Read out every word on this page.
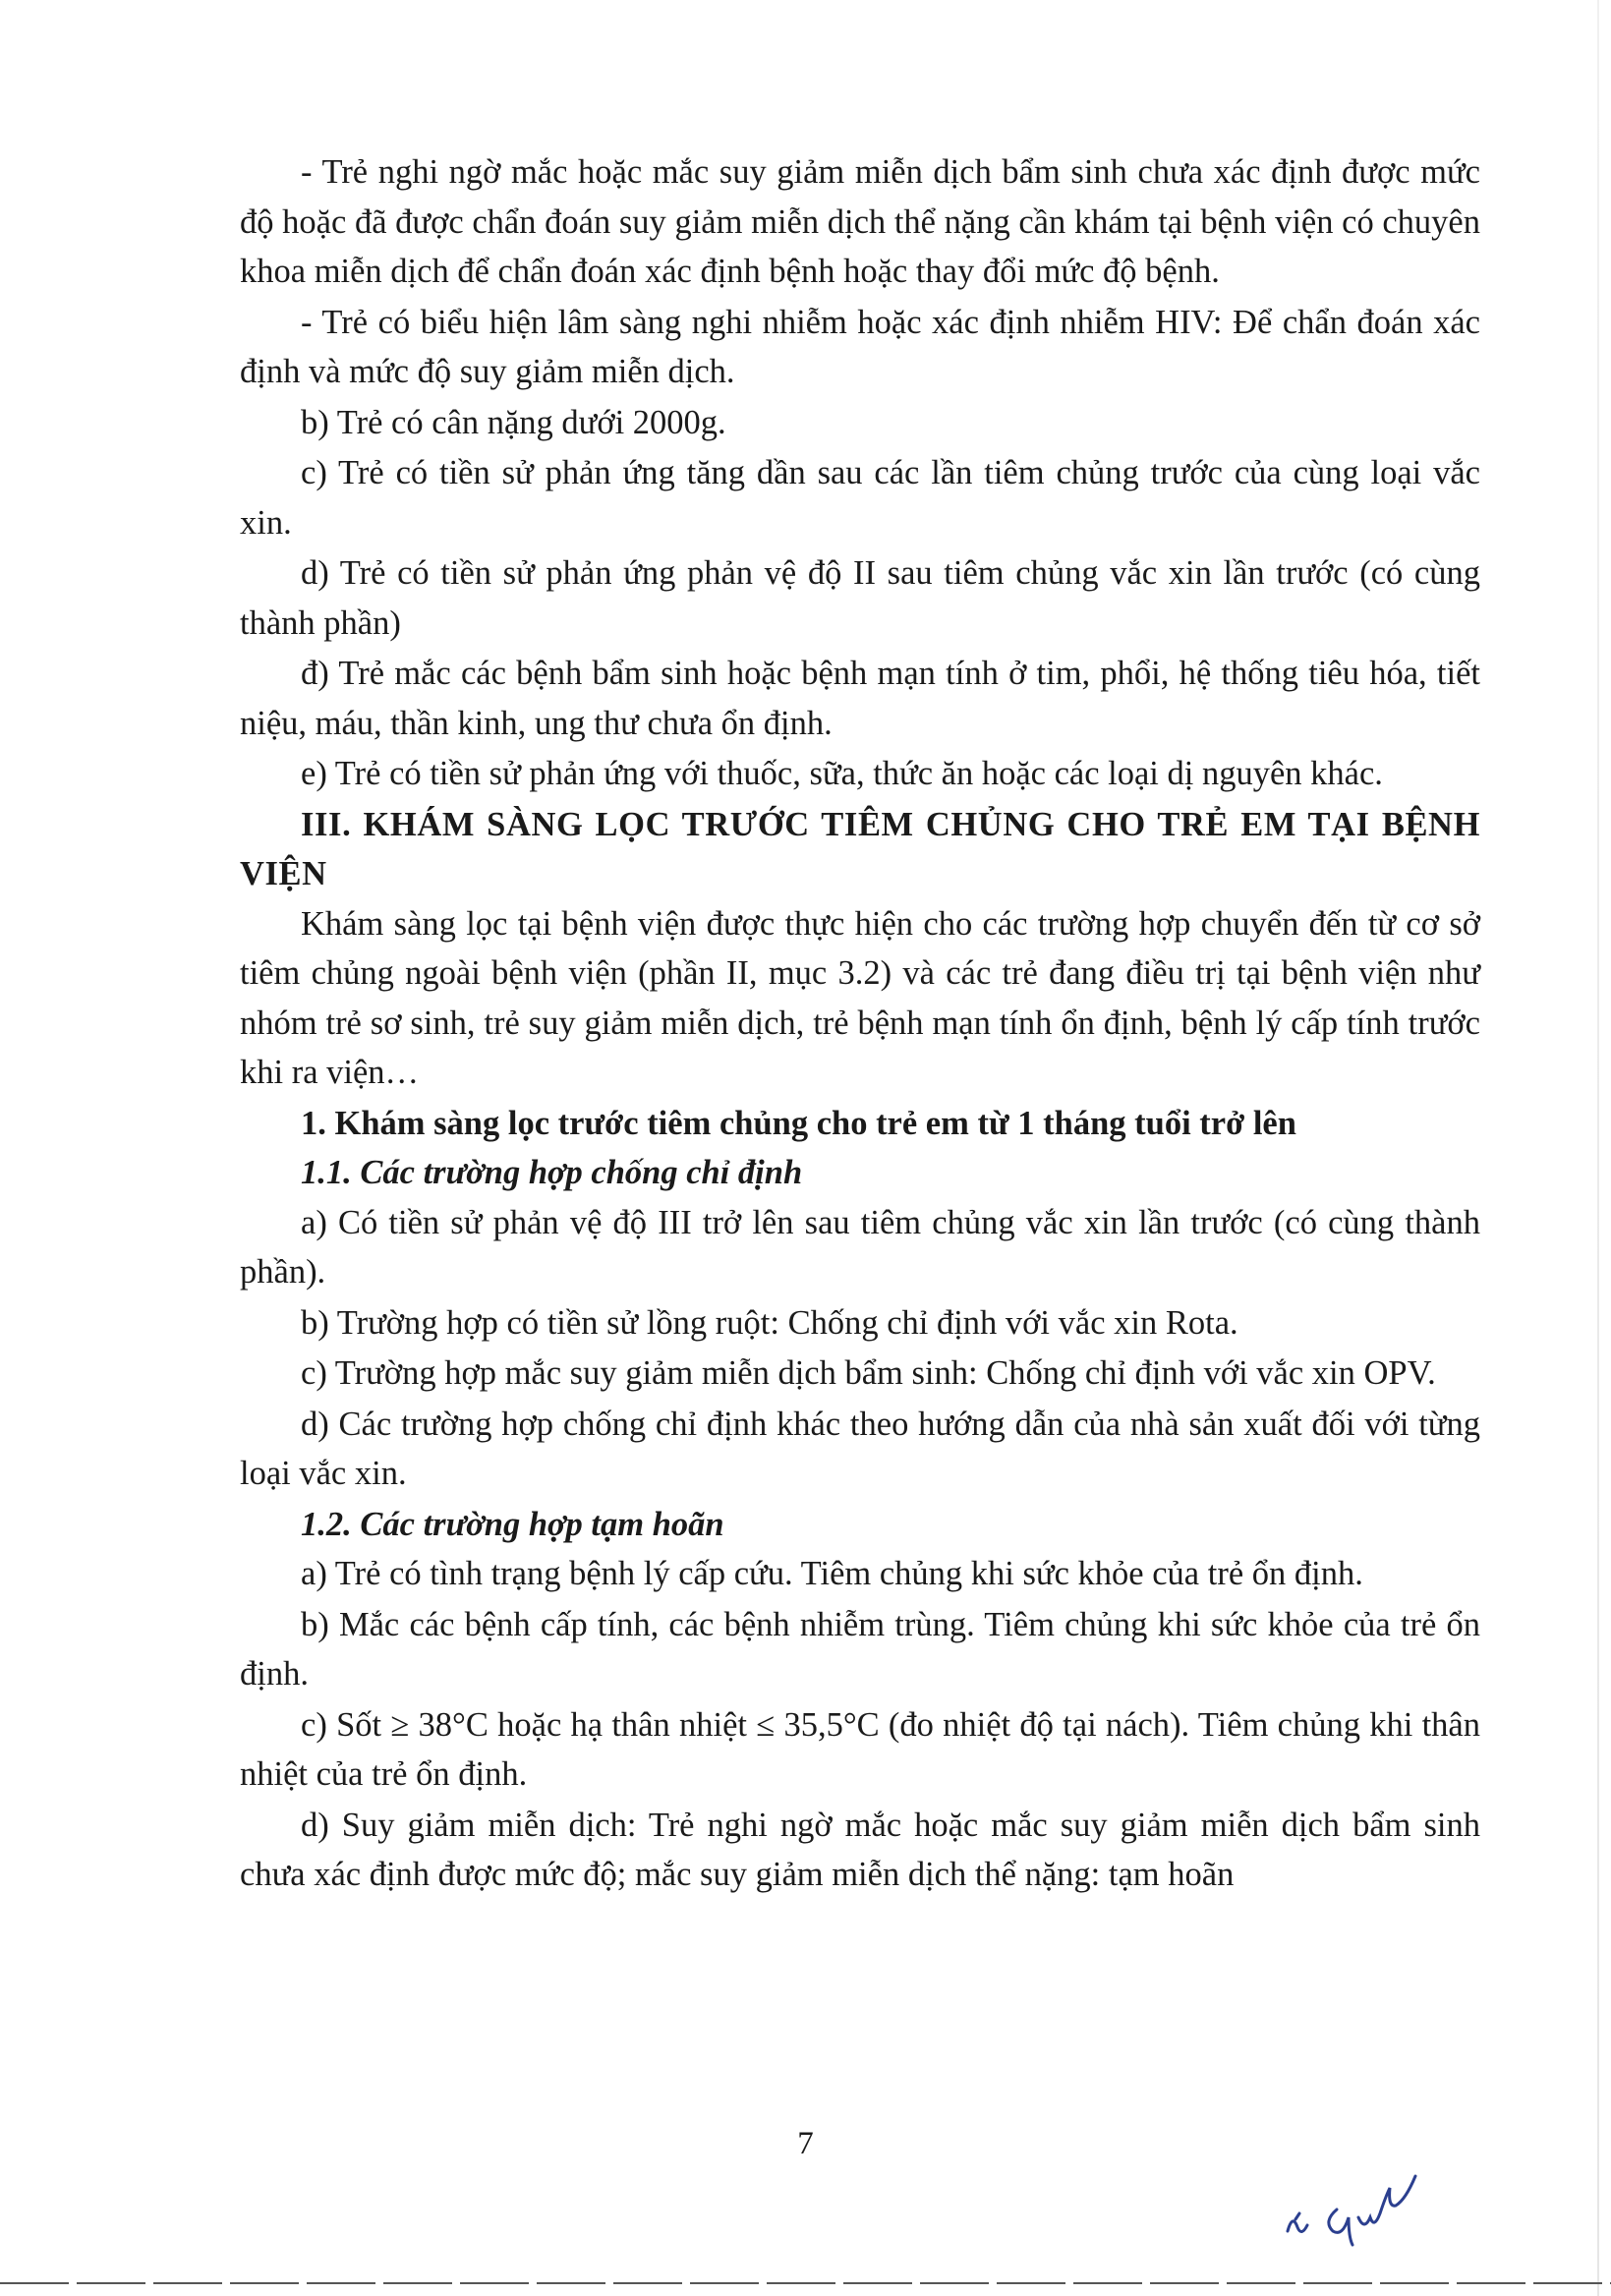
- Trẻ nghi ngờ mắc hoặc mắc suy giảm miễn dịch bẩm sinh chưa xác định được mức độ hoặc đã được chẩn đoán suy giảm miễn dịch thể nặng cần khám tại bệnh viện có chuyên khoa miễn dịch để chẩn đoán xác định bệnh hoặc thay đổi mức độ bệnh.

- Trẻ có biểu hiện lâm sàng nghi nhiễm hoặc xác định nhiễm HIV: Để chẩn đoán xác định và mức độ suy giảm miễn dịch.

b) Trẻ có cân nặng dưới 2000g.

c) Trẻ có tiền sử phản ứng tăng dần sau các lần tiêm chủng trước của cùng loại vắc xin.

d) Trẻ có tiền sử phản ứng phản vệ độ II sau tiêm chủng vắc xin lần trước (có cùng thành phần)

đ) Trẻ mắc các bệnh bẩm sinh hoặc bệnh mạn tính ở tim, phổi, hệ thống tiêu hóa, tiết niệu, máu, thần kinh, ung thư chưa ổn định.

e) Trẻ có tiền sử phản ứng với thuốc, sữa, thức ăn hoặc các loại dị nguyên khác.

III. KHÁM SÀNG LỌC TRƯỚC TIÊM CHỦNG CHO TRẺ EM TẠI BỆNH VIỆN

Khám sàng lọc tại bệnh viện được thực hiện cho các trường hợp chuyển đến từ cơ sở tiêm chủng ngoài bệnh viện (phần II, mục 3.2) và các trẻ đang điều trị tại bệnh viện như nhóm trẻ sơ sinh, trẻ suy giảm miễn dịch, trẻ bệnh mạn tính ổn định, bệnh lý cấp tính trước khi ra viện…

1. Khám sàng lọc trước tiêm chủng cho trẻ em từ 1 tháng tuổi trở lên

1.1. Các trường hợp chống chỉ định

a) Có tiền sử phản vệ độ III trở lên sau tiêm chủng vắc xin lần trước (có cùng thành phần).

b) Trường hợp có tiền sử lồng ruột: Chống chỉ định với vắc xin Rota.

c) Trường hợp mắc suy giảm miễn dịch bẩm sinh: Chống chỉ định với vắc xin OPV.

d) Các trường hợp chống chỉ định khác theo hướng dẫn của nhà sản xuất đối với từng loại vắc xin.

1.2. Các trường hợp tạm hoãn

a) Trẻ có tình trạng bệnh lý cấp cứu. Tiêm chủng khi sức khỏe của trẻ ổn định.

b) Mắc các bệnh cấp tính, các bệnh nhiễm trùng. Tiêm chủng khi sức khỏe của trẻ ổn định.

c) Sốt ≥ 38°C hoặc hạ thân nhiệt ≤ 35,5°C (đo nhiệt độ tại nách). Tiêm chủng khi thân nhiệt của trẻ ổn định.

d) Suy giảm miễn dịch: Trẻ nghi ngờ mắc hoặc mắc suy giảm miễn dịch bẩm sinh chưa xác định được mức độ; mắc suy giảm miễn dịch thể nặng: tạm hoãn

7
